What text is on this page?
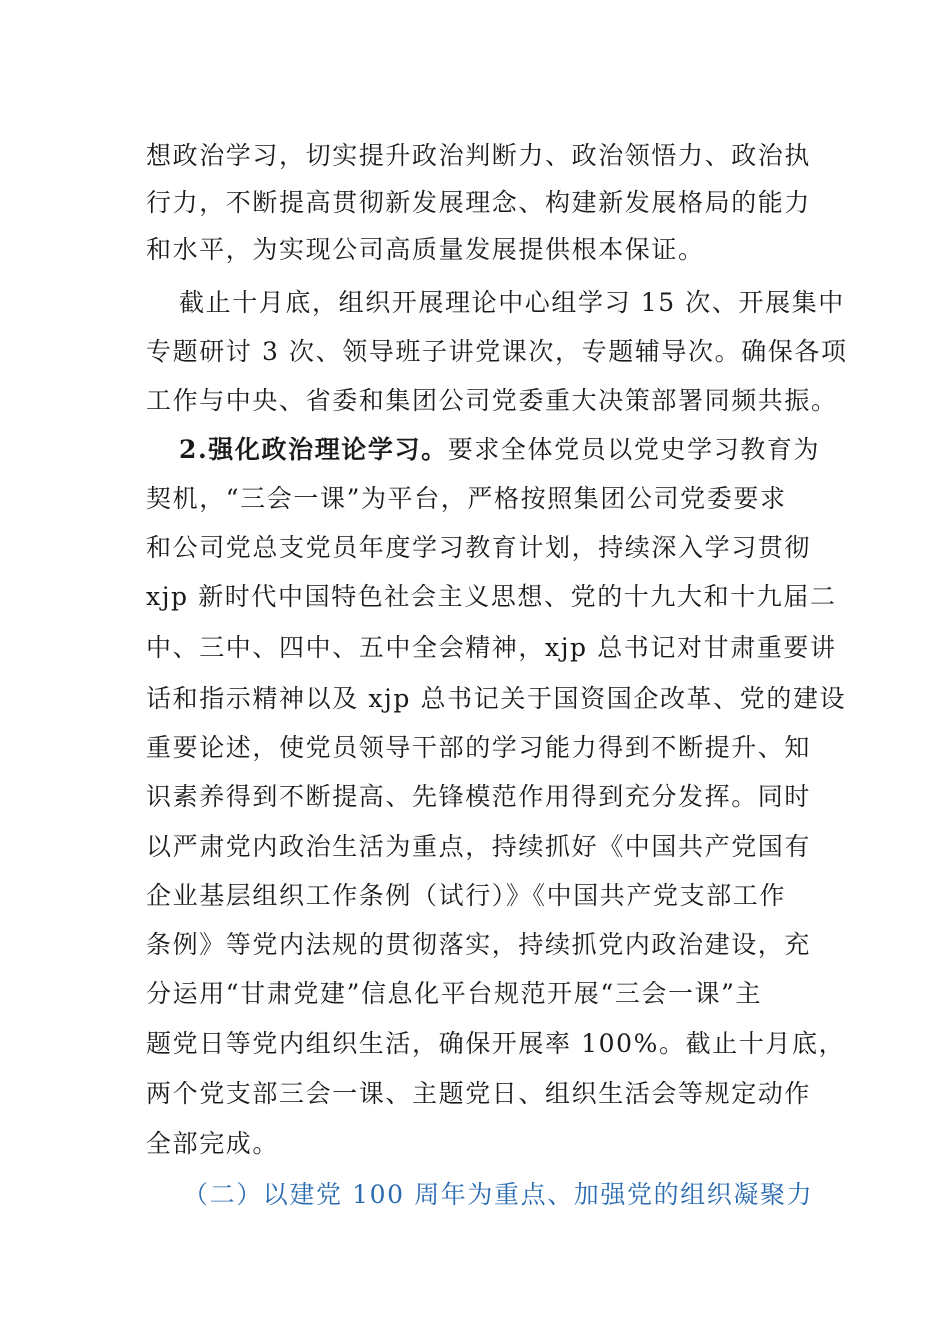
想政治学习，切实提升政治判断力、政治领悟力、政治执
行力，不断提高贯彻新发展理念、构建新发展格局的能力
和水平，为实现公司高质量发展提供根本保证。
截止十月底，组织开展理论中心组学习 15 次、开展集中
专题研讨 3 次、领导班子讲党课次，专题辅导次。确保各项
工作与中央、省委和集团公司党委重大决策部署同频共振。
2.强化政治理论学习。要求全体党员以党史学习教育为
契机，“三会一课”为平台，严格按照集团公司党委要求
和公司党总支党员年度学习教育计划，持续深入学习贯彻
xjp 新时代中国特色社会主义思想、党的十九大和十九届二
中、三中、四中、五中全会精神，xjp 总书记对甘肃重要讲
话和指示精神以及 xjp 总书记关于国资国企改革、党的建设
重要论述，使党员领导干部的学习能力得到不断提升、知
识素养得到不断提高、先锋模范作用得到充分发挥。同时
以严肃党内政治生活为重点，持续抓好《中国共产党国有
企业基层组织工作条例（试行）》《中国共产党支部工作
条例》等党内法规的贯彻落实，持续抓党内政治建设，充
分运用“甘肃党建”信息化平台规范开展“三会一课”主
题党日等党内组织生活，确保开展率 100%。截止十月底，
两个党支部三会一课、主题党日、组织生活会等规定动作
全部完成。
（二）以建党 100 周年为重点、加强党的组织凝聚力
